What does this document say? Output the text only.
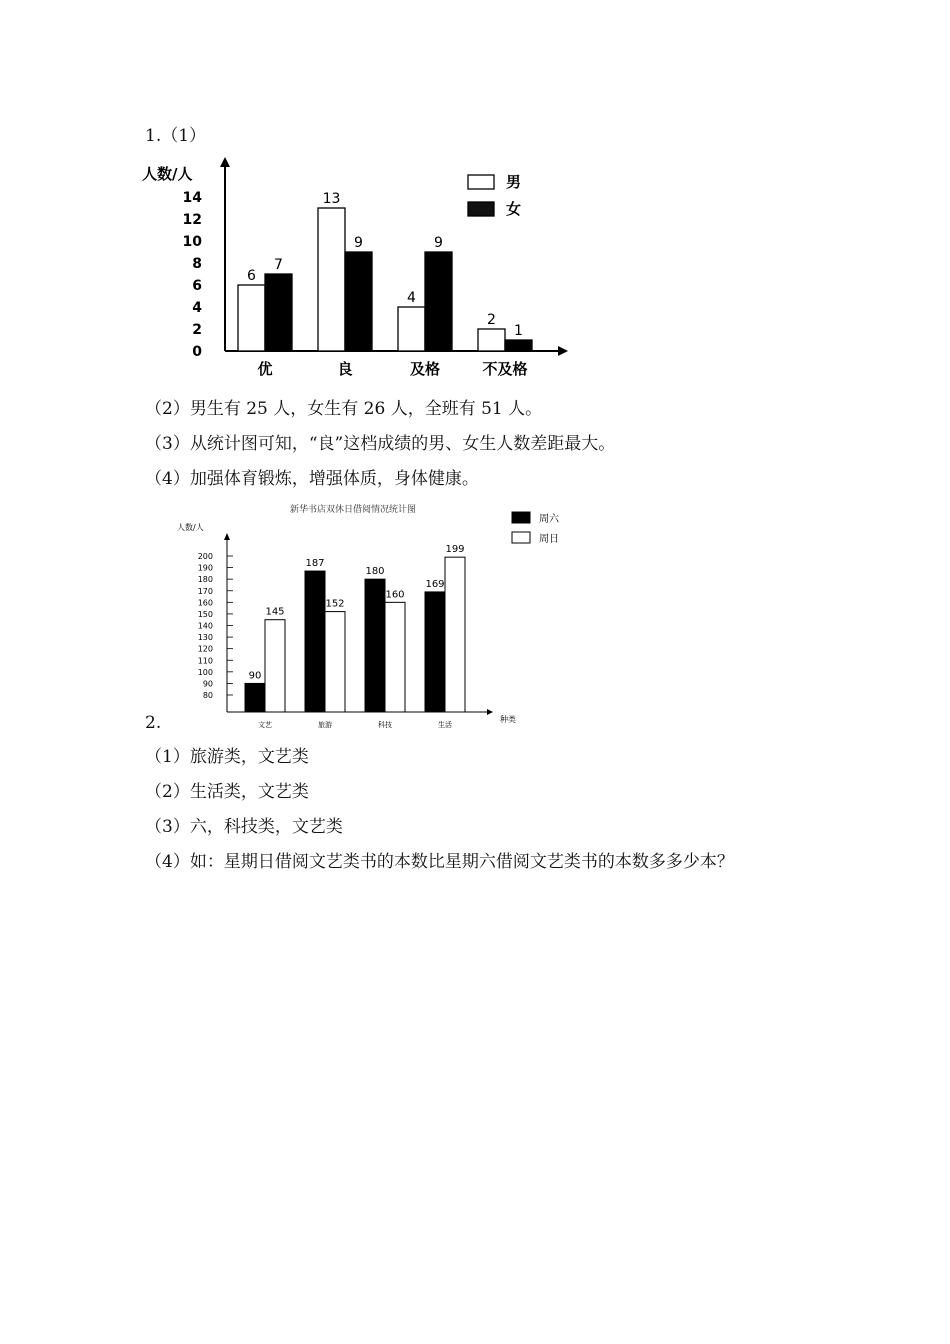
1.（1）
人数/人
0
2
4
6
8
10
12
14
优
6
7
良
13
9
及格
4
9
不及格
2
1
男
女
（2）男生有 25 人，女生有 26 人，全班有 51 人。
（3）从统计图可知，“良”这档成绩的男、女生人数差距最大。
（4）加强体育锻炼，增强体质，身体健康。
新华书店双休日借阅情况统计图
人数/人
种类
80
90
100
110
120
130
140
150
160
170
180
190
200
文艺
90
145
旅游
187
152
科技
180
160
生活
169
199
周六
周日
2.
（1）旅游类，文艺类
（2）生活类，文艺类
（3）六，科技类，文艺类
（4）如：星期日借阅文艺类书的本数比星期六借阅文艺类书的本数多多少本？
